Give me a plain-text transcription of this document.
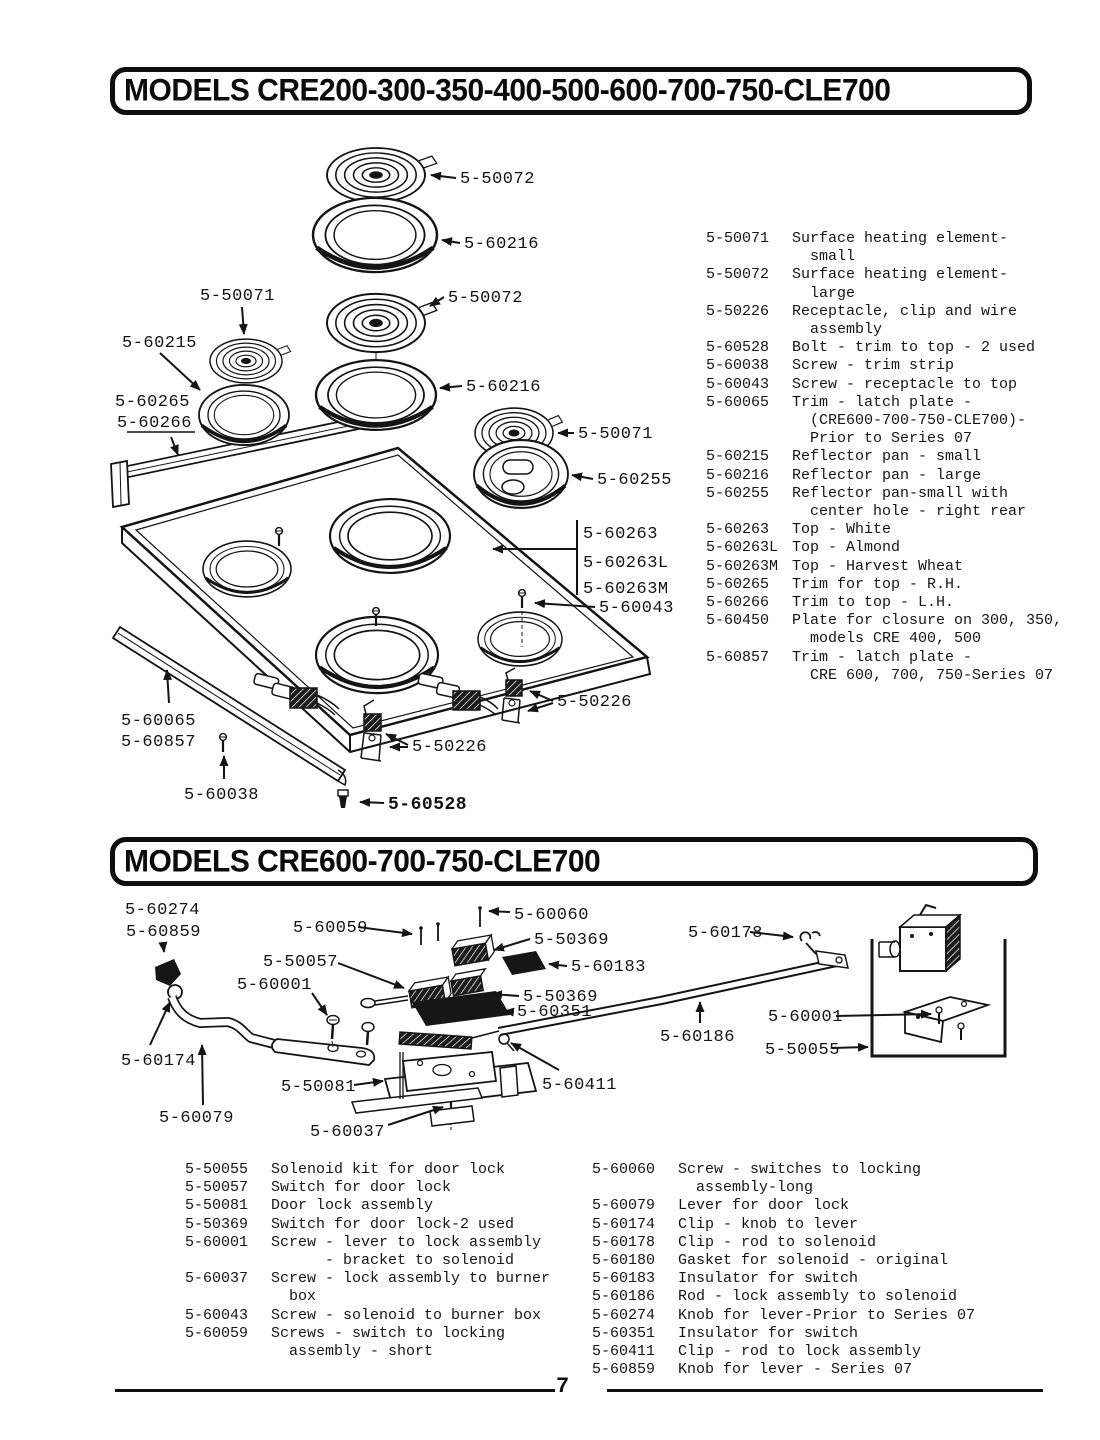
MODELS CRE200-300-350-400-500-600-700-750-CLE700
5-50072
5-60216
5-50071	5-50072
5-60215
5-60216
5-60265
5-60266
5-50071
5-60255
5-60263
5-60263L
5-60263M
5-60043
5-50226
5-50226
5-60065
5-60857
5-60038	5-60528
5-50071	Surface heating element-
small
5-50072	Surface heating element-
large
5-50226	Receptacle, clip and wire
assembly
5-60528	Bolt - trim to top - 2 used
5-60038	Screw - trim strip
5-60043	Screw - receptacle to top
5-60065	Trim - latch plate -
(CRE600-700-750-CLE700)-
Prior to Series 07
5-60215	Reflector pan - small
5-60216	Reflector pan - large
5-60255	Reflector pan-small with
center hole - right rear
5-60263	Top - White
5-60263L Top - Almond
5-60263M Top - Harvest Wheat
5-60265	Trim for top - R.H.
5-60266	Trim to top - L.H.
5-60450	Plate for closure on 300, 350,
models CRE 400, 500
5-60857	Trim - latch plate -
CRE 600, 700, 750-Series 07
MODELS CRE600-700-750-CLE700
5-60274
5-60859	5-60059
5-60060
5-50369
5-60183
5-50057
5-60001
5-50369
5-60351
5-60178
5-60174
5-60079
5-50081	5-60411
5-60037
5-60186
5-60001
5-50055
5-50055	Solenoid kit for door lock
5-50057	Switch for door lock
5-50081	Door lock assembly
5-50369	Switch for door lock-2 used
5-60001	Screw - lever to lock assembly
- bracket to solenoid
5-60037	Screw - lock assembly to burner
box
5-60043	Screw - solenoid to burner box
5-60059	Screws - switch to locking
assembly - short
5-60060	Screw - switches to locking
assembly-long
5-60079	Lever for door lock
5-60174	Clip - knob to lever
5-60178	Clip - rod to solenoid
5-60180	Gasket for solenoid - original
5-60183	Insulator for switch
5-60186	Rod - lock assembly to solenoid
5-60274	Knob for lever-Prior to Series 07
5-60351	Insulator for switch
5-60411	Clip - rod to lock assembly
5-60859	Knob for lever - Series 07
7
